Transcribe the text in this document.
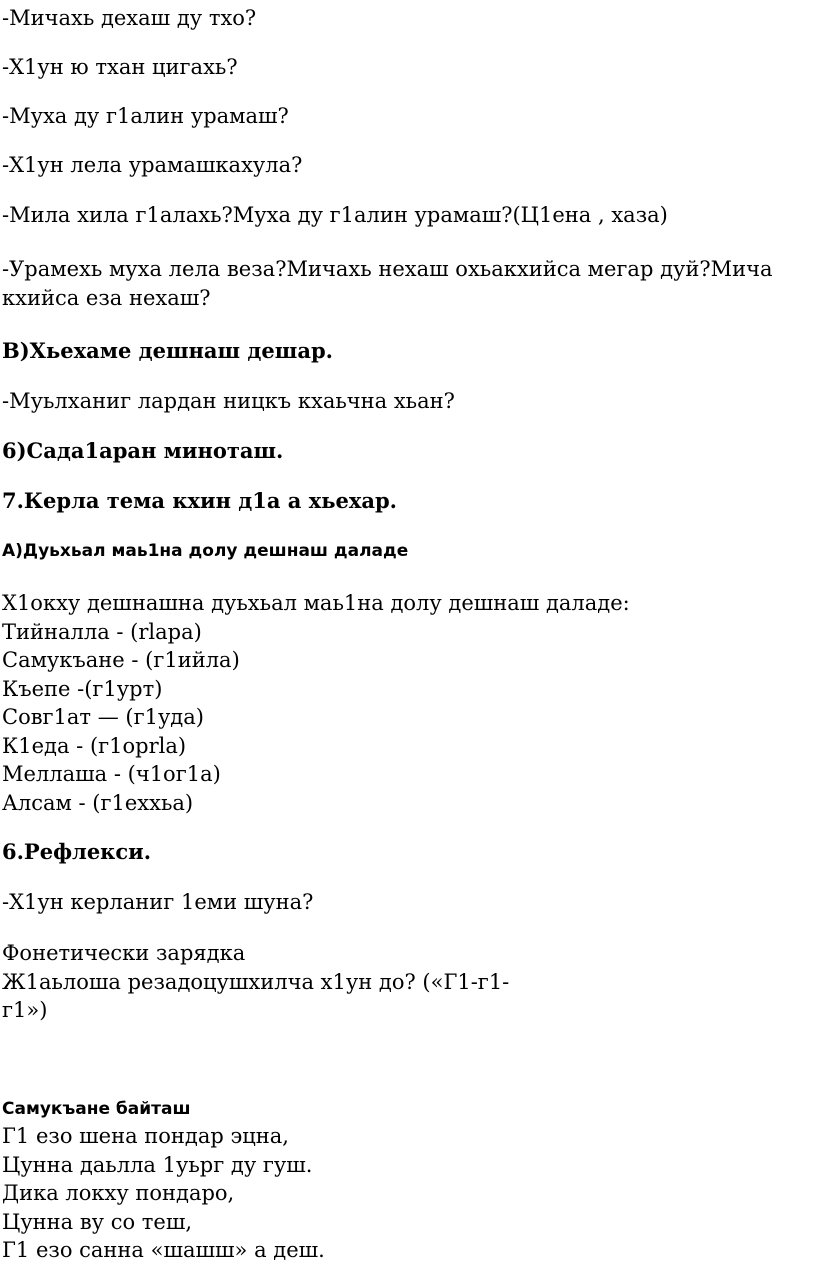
-Мичахь дехаш ду тхо?

-Х1ун ю тхан цигахь?

-Муха ду г1алин урамаш?

-Х1ун лела урамашкахула?

-Мила хила г1алахь?Муха ду г1алин урамаш?(Ц1ена , хаза)

-Урамехь муха лела веза?Мичахь нехаш охьакхийса мегар дуй?Мича

кхийса еза нехаш?

В)Хьехаме дешнаш дешар.

-Муьлханиг лардан ницкъ кхаьчна хьан?

6)Сада1аран миноташ.

7.Керла тема кхин д1а а хьехар.

А)Дуьхьал маь1на долу дешнаш даладе

Х1окху дешнашна дуьхьал маь1на долу дешнаш даладе:

Тийналла - (rlapa)

Самукъане - (г1ийла)

Къепе -(г1урт)

Совг1ат — (г1уда)

К1еда - (г1орrla)

Меллаша - (ч1ог1а)

Алсам - (г1еххьа)

6.Рефлекси.

-Х1ун керланиг 1еми шуна?

Фонетически зарядка

Ж1аьлоша резадоцушхилча х1ун до? («Г1-г1-

г1»)

Самукъане байташ

Г1 езо шена пондар эцна,

Цунна даьлла 1уьрг ду гуш.

Дика локху пондаро,

Цунна ву со теш,

Г1 езо санна «шашш» а деш.
